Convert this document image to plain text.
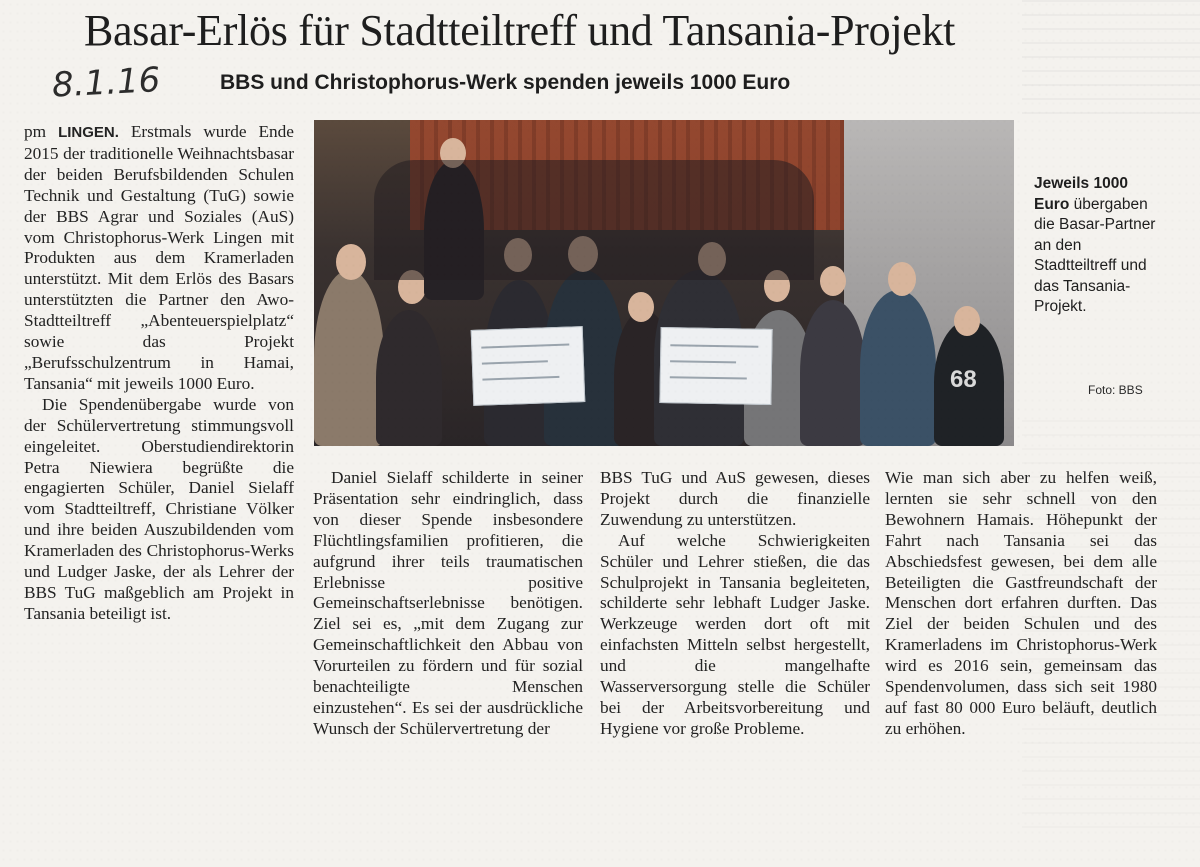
Basar-Erlös für Stadtteiltreff und Tansania-Projekt
8.1.16	BBS und Christophorus-Werk spenden jeweils 1000 Euro

pm LINGEN. Erstmals wurde Ende 2015 der traditionelle Weihnachtsbasar der beiden Berufsbildenden Schulen Technik und Gestaltung (TuG) sowie der BBS Agrar und Soziales (AuS) vom Christophorus-Werk Lingen mit Produkten aus dem Kramerladen unterstützt. Mit dem Erlös des Basars unterstützten die Partner den Awo-Stadtteiltreff „Abenteuerspielplatz“ sowie das Projekt „Berufsschulzentrum in Hamai, Tansania“ mit jeweils 1000 Euro.

Die Spendenübergabe wurde von der Schülervertretung stimmungsvoll eingeleitet. Oberstudiendirektorin Petra Niewiera begrüßte die engagierten Schüler, Daniel Sielaff vom Stadtteiltreff, Christiane Völker und ihre beiden Auszubildenden vom Kramerladen des Christophorus-Werks und Ludger Jaske, der als Lehrer der BBS TuG maßgeblich am Projekt in Tansania beteiligt ist.

68
Jeweils 1000 Euro übergaben die Basar-Partner an den Stadtteiltreff und das Tansania-Projekt.
Foto: BBS

Daniel Sielaff schilderte in seiner Präsentation sehr eindringlich, dass von dieser Spende insbesondere Flüchtlingsfamilien profitieren, die aufgrund ihrer teils traumatischen Erlebnisse positive Gemeinschaftserlebnisse benötigen. Ziel sei es, „mit dem Zugang zur Gemeinschaftlichkeit den Abbau von Vorurteilen zu fördern und für sozial benachteiligte Menschen einzustehen“. Es sei der ausdrückliche Wunsch der Schülervertretung der

BBS TuG und AuS gewesen, dieses Projekt durch die finanzielle Zuwendung zu unterstützen.

Auf welche Schwierigkeiten Schüler und Lehrer stießen, die das Schulprojekt in Tansania begleiteten, schilderte sehr lebhaft Ludger Jaske. Werkzeuge werden dort oft mit einfachsten Mitteln selbst hergestellt, und die mangelhafte Wasserversorgung stelle die Schüler bei der Arbeitsvorbereitung und Hygiene vor große Probleme.

Wie man sich aber zu helfen weiß, lernten sie sehr schnell von den Bewohnern Hamais. Höhepunkt der Fahrt nach Tansania sei das Abschiedsfest gewesen, bei dem alle Beteiligten die Gastfreundschaft der Menschen dort erfahren durften. Das Ziel der beiden Schulen und des Kramerladens im Christophorus-Werk wird es 2016 sein, gemeinsam das Spendenvolumen, dass sich seit 1980 auf fast 80 000 Euro beläuft, deutlich zu erhöhen.
